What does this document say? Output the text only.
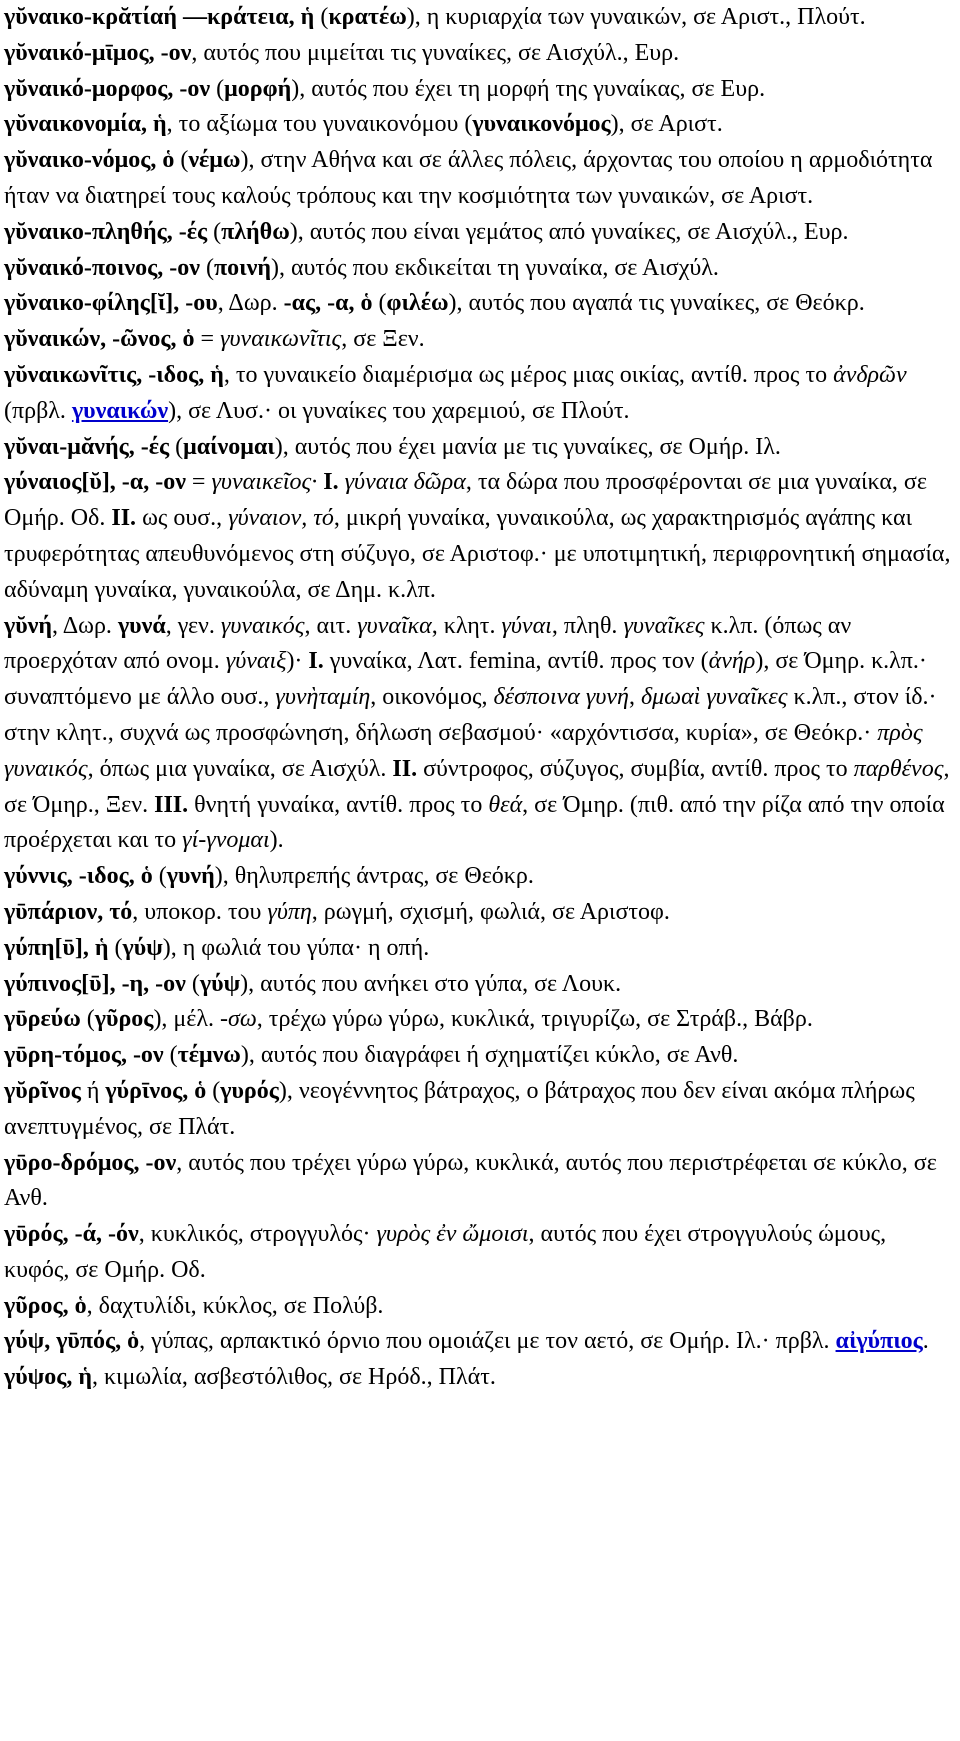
γῠναικο-κρᾰτίαή —κράτεια, ἡ (κρατέω), η κυριαρχία των γυναικών, σε Αριστ., Πλούτ.

γῠναικό-μῑμος, -ον, αυτός που μιμείται τις γυναίκες, σε Αισχύλ., Ευρ.

γῠναικό-μορφος, -ον (μορφή), αυτός που έχει τη μορφή της γυναίκας, σε Ευρ.

γῠναικονομία, ἡ, το αξίωμα του γυναικονόμου (γυναικονόμος), σε Αριστ.

γῠναικο-νόμος, ὁ (νέμω), στην Αθήνα και σε άλλες πόλεις, άρχοντας του οποίου η αρμοδιότητα ήταν να διατηρεί τους καλούς τρόπους και την κοσμιότητα των γυναικών, σε Αριστ.

γῠναικο-πληθής, -ές (πλήθω), αυτός που είναι γεμάτος από γυναίκες, σε Αισχύλ., Ευρ.

γῠναικό-ποινος, -ον (ποινή), αυτός που εκδικείται τη γυναίκα, σε Αισχύλ.

γῠναικο-φίλης[ῐ], -ου, Δωρ. -ας, -α, ὁ (φιλέω), αυτός που αγαπά τις γυναίκες, σε Θεόκρ.

γῠναικών, -ῶνος, ὁ = γυναικωνῖτις, σε Ξεν.

γῠναικωνῖτις, -ιδος, ἡ, το γυναικείο διαμέρισμα ως μέρος μιας οικίας, αντίθ. προς το ἀνδρῶν (πρβλ. γυναικών), σε Λυσ.· οι γυναίκες του χαρεμιού, σε Πλούτ.

γῠναι-μᾰνής, -ές (μαίνομαι), αυτός που έχει μανία με τις γυναίκες, σε Ομήρ. Ιλ.

γύναιος[ῠ], -α, -ον = γυναικεῖος· I. γύναια δῶρα, τα δώρα που προσφέρονται σε μια γυναίκα, σε Ομήρ. Οδ. II. ως ουσ., γύναιον, τό, μικρή γυναίκα, γυναικούλα, ως χαρακτηρισμός αγάπης και τρυφερότητας απευθυνόμενος στη σύζυγο, σε Αριστοφ.· με υποτιμητική, περιφρονητική σημασία, αδύναμη γυναίκα, γυναικούλα, σε Δημ. κ.λπ.

γῠνή, Δωρ. γυνά, γεν. γυναικός, αιτ. γυναῖκα, κλητ. γύναι, πληθ. γυναῖκες κ.λπ. (όπως αν προερχόταν από ονομ. γύναιξ)· I. γυναίκα, Λατ. femina, αντίθ. προς τον (ἀνήρ), σε Όμηρ. κ.λπ.· συναπτόμενο με άλλο ουσ., γυνὴταμίη, οικονόμος, δέσποινα γυνή, δμωαὶ γυναῖκες κ.λπ., στον ίδ.· στην κλητ., συχνά ως προσφώνηση, δήλωση σεβασμού· «αρχόντισσα, κυρία», σε Θεόκρ.· πρὸς γυναικός, όπως μια γυναίκα, σε Αισχύλ. II. σύντροφος, σύζυγος, συμβία, αντίθ. προς το παρθένος, σε Όμηρ., Ξεν. III. θνητή γυναίκα, αντίθ. προς το θεά, σε Όμηρ. (πιθ. από την ρίζα από την οποία προέρχεται και το γί-γνομαι).

γύννις, -ιδος, ὁ (γυνή), θηλυπρεπής άντρας, σε Θεόκρ.

γῡπάριον, τό, υποκορ. του γύπη, ρωγμή, σχισμή, φωλιά, σε Αριστοφ.

γύπη[ῡ], ἡ (γύψ), η φωλιά του γύπα· η οπή.

γύπινος[ῡ], -η, -ον (γύψ), αυτός που ανήκει στο γύπα, σε Λουκ.

γῡρεύω (γῦρος), μέλ. -σω, τρέχω γύρω γύρω, κυκλικά, τριγυρίζω, σε Στράβ., Βάβρ.

γῡρη-τόμος, -ον (τέμνω), αυτός που διαγράφει ή σχηματίζει κύκλο, σε Ανθ.

γῠρῖνος ή γύρῑνος, ὁ (γυρός), νεογέννητος βάτραχος, ο βάτραχος που δεν είναι ακόμα πλήρως ανεπτυγμένος, σε Πλάτ.

γῡρο-δρόμος, -ον, αυτός που τρέχει γύρω γύρω, κυκλικά, αυτός που περιστρέφεται σε κύκλο, σε Ανθ.

γῡρός, -ά, -όν, κυκλικός, στρογγυλός· γυρὸς ἐν ὤμοισι, αυτός που έχει στρογγυλούς ώμους, κυφός, σε Ομήρ. Οδ.

γῦρος, ὁ, δαχτυλίδι, κύκλος, σε Πολύβ.

γύψ, γῡπός, ὁ, γύπας, αρπακτικό όρνιο που ομοιάζει με τον αετό, σε Ομήρ. Ιλ.· πρβλ. αἰγύπιος.

γύψος, ἡ, κιμωλία, ασβεστόλιθος, σε Ηρόδ., Πλάτ.
